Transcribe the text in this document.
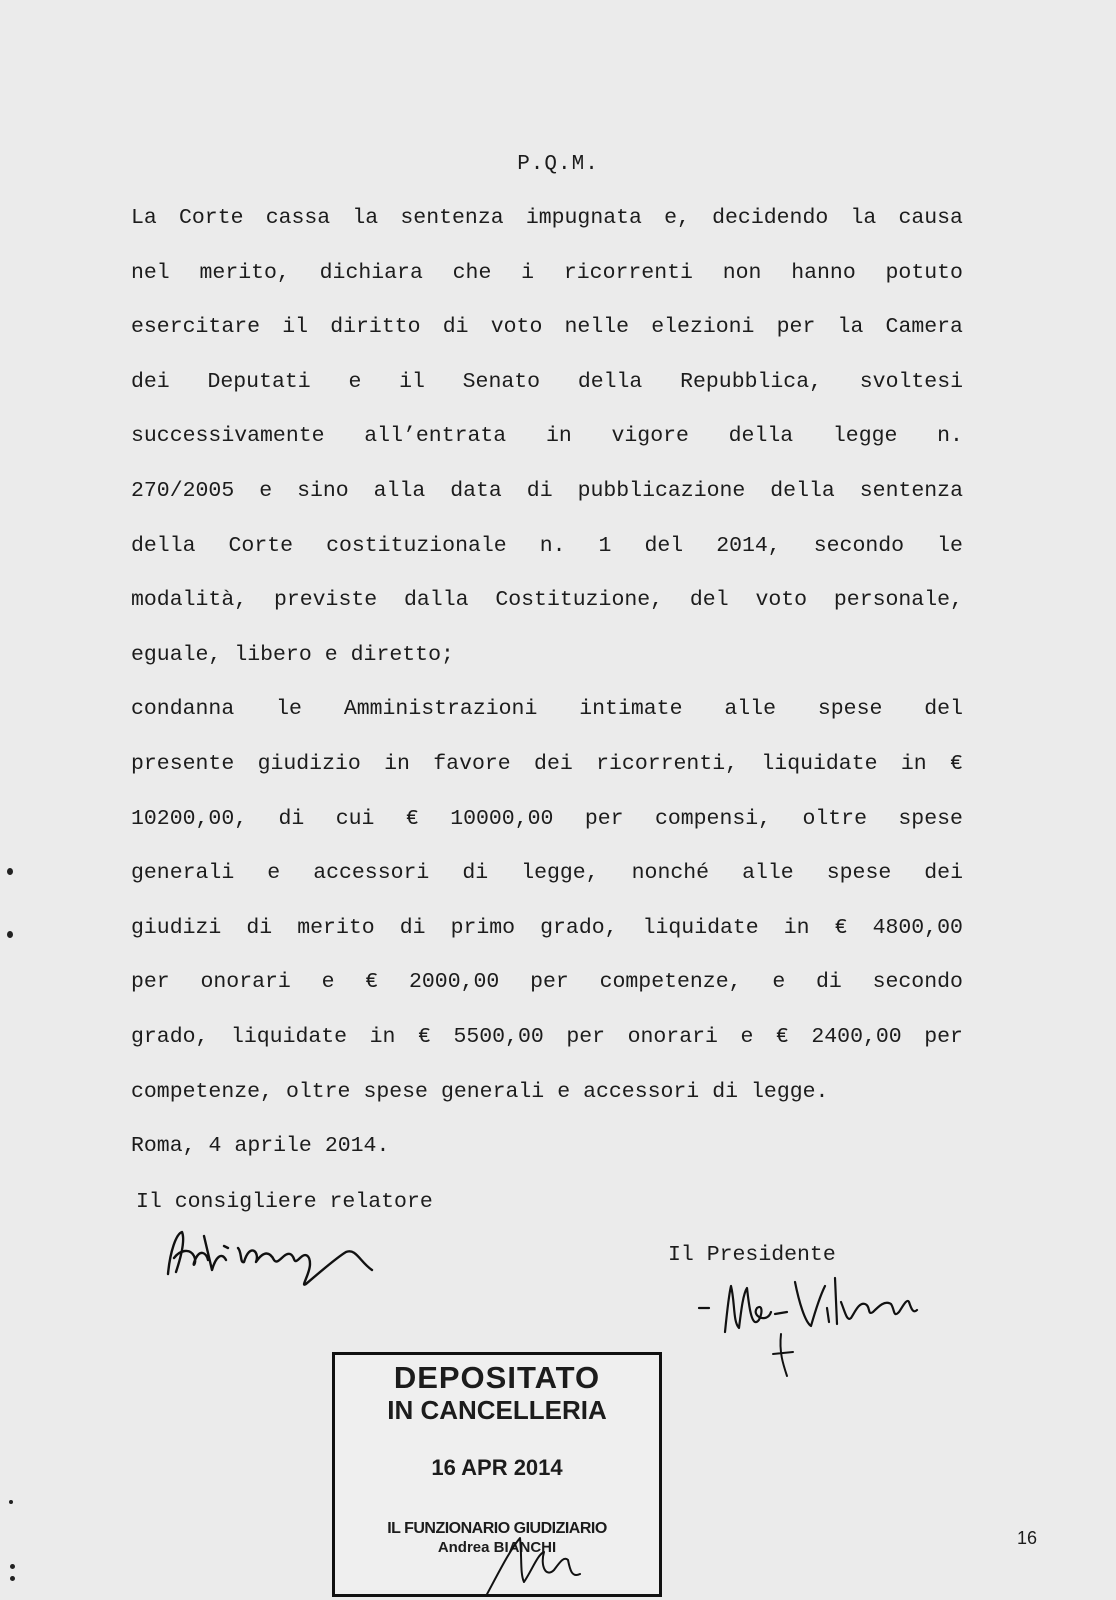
P.Q.M.
La Corte cassa la sentenza impugnata e, decidendo la causa
nel merito, dichiara che i ricorrenti non hanno potuto
esercitare il diritto di voto nelle elezioni per la Camera
dei Deputati e il Senato della Repubblica, svoltesi
successivamente all’entrata in vigore della legge n.
270/2005 e sino alla data di pubblicazione della sentenza
della Corte costituzionale n. 1 del 2014, secondo le
modalità, previste dalla Costituzione, del voto personale,
eguale, libero e diretto;
condanna le Amministrazioni intimate alle spese del
presente giudizio in favore dei ricorrenti, liquidate in €
10200,00, di cui € 10000,00 per compensi, oltre spese
generali e accessori di legge, nonché alle spese dei
giudizi di merito di primo grado, liquidate in € 4800,00
per onorari e € 2000,00 per competenze, e di secondo
grado, liquidate in € 5500,00 per onorari e € 2400,00 per
competenze, oltre spese generali e accessori di legge.
Roma, 4 aprile 2014.
Il consigliere relatore
Il Presidente
DEPOSITATO
IN CANCELLERIA
16 APR 2014
IL FUNZIONARIO GIUDIZIARIO
Andrea BIANCHI	16
